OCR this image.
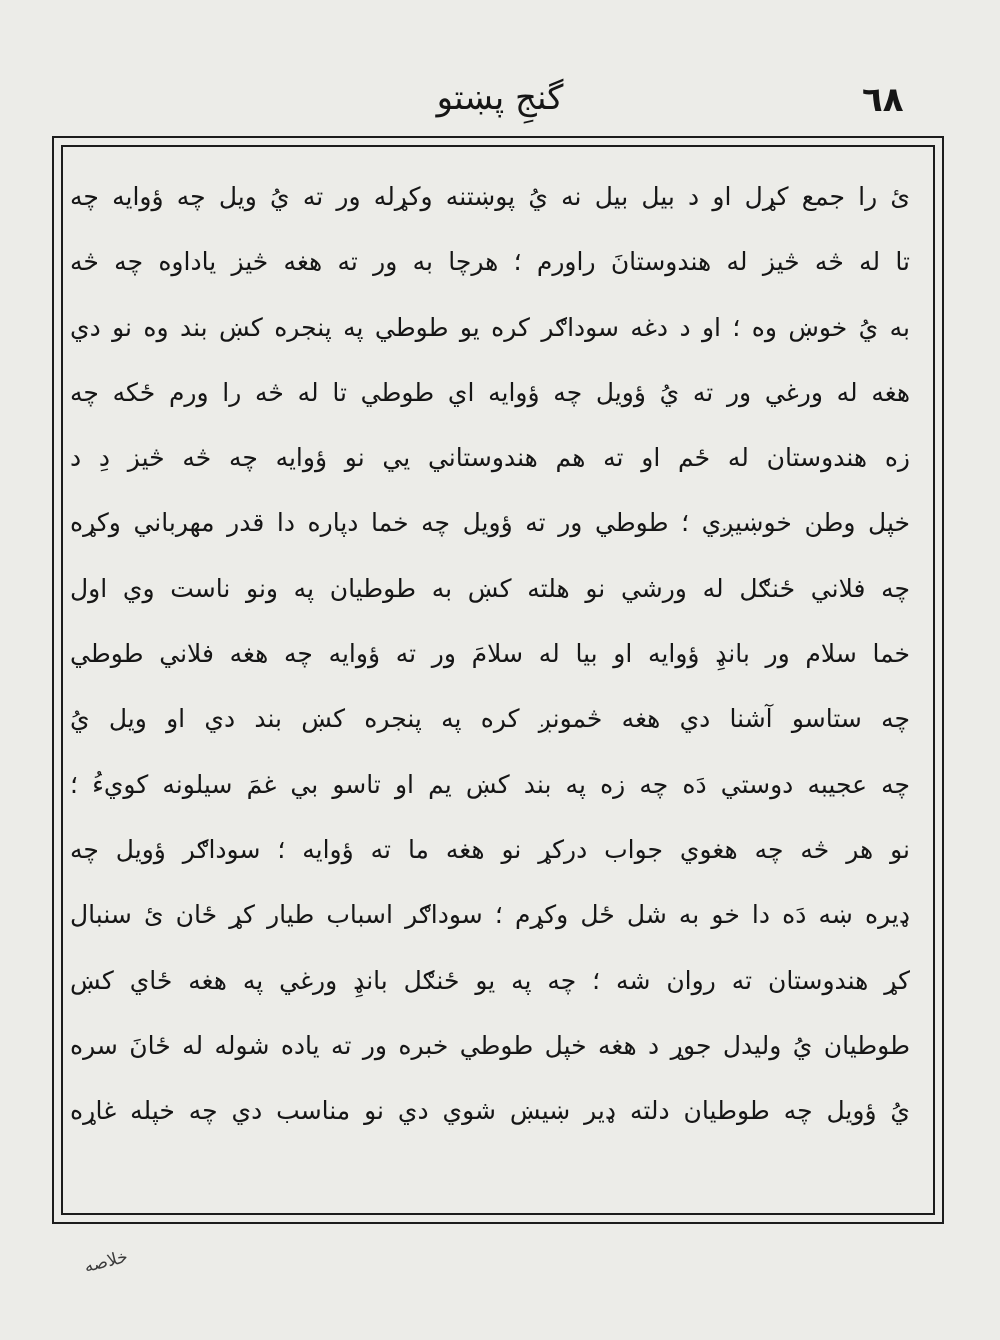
٦٨
گنجِ پښتو
ئ را جمع کړل او د بيل بيل نه يُ پوښتنه وکړله ور ته يُ ويل چه ؤوايه چه
تا له څه څيز له هندوستانَ راورم ؛ هرچا به ور ته هغه څيز ياداوه چه څه
به يُ خوښ وه ؛ او د دغه سوداګر کره يو طوطي په پنجره کښ بند وه نو دي
هغه له ورغي ور ته يُ ؤويل چه ؤوايه اي طوطي تا له څه را ورم ځکه چه
زه هندوستان له ځم او ته هم هندوستاني يي نو ؤوايه چه څه څيز دِ د
خپل وطن خوښيږي ؛ طوطي ور ته ؤويل چه خما دپاره دا قدر مهرباني وکړه
چه فلاني ځنګل له ورشي نو هلته کښ به طوطيان په ونو ناست وي اول
خما سلام ور بانډِ ؤوايه او بيا له سلامَ ور ته ؤوايه چه هغه فلاني طوطي
چه ستاسو آشنا دي هغه څمونږ کره په پنجره کښ بند دي او ويل يُ
چه عجيبه دوستي دَه چه زه په بند کښ يم او تاسو بي غمَ سيلونه کويءُ ؛
نو هر څه چه هغوي جواب درکړ نو هغه ما ته ؤوايه ؛ سوداګر ؤويل چه
ډيره ښه دَه دا خو به شل ځل وکړم ؛ سوداګر اسباب طيار کړ ځان ئ سنبال
کړ هندوستان ته روان شه ؛ چه په يو ځنګل بانډِ ورغي په هغه ځاي کښ
طوطيان يُ وليدل جوړ د هغه خپل طوطي خبره ور ته ياده شوله له ځانَ سره
يُ ؤويل چه طوطيان دلته ډير ښيښ شوي دي نو مناسب دي چه خپله غاړه
خلاصه
